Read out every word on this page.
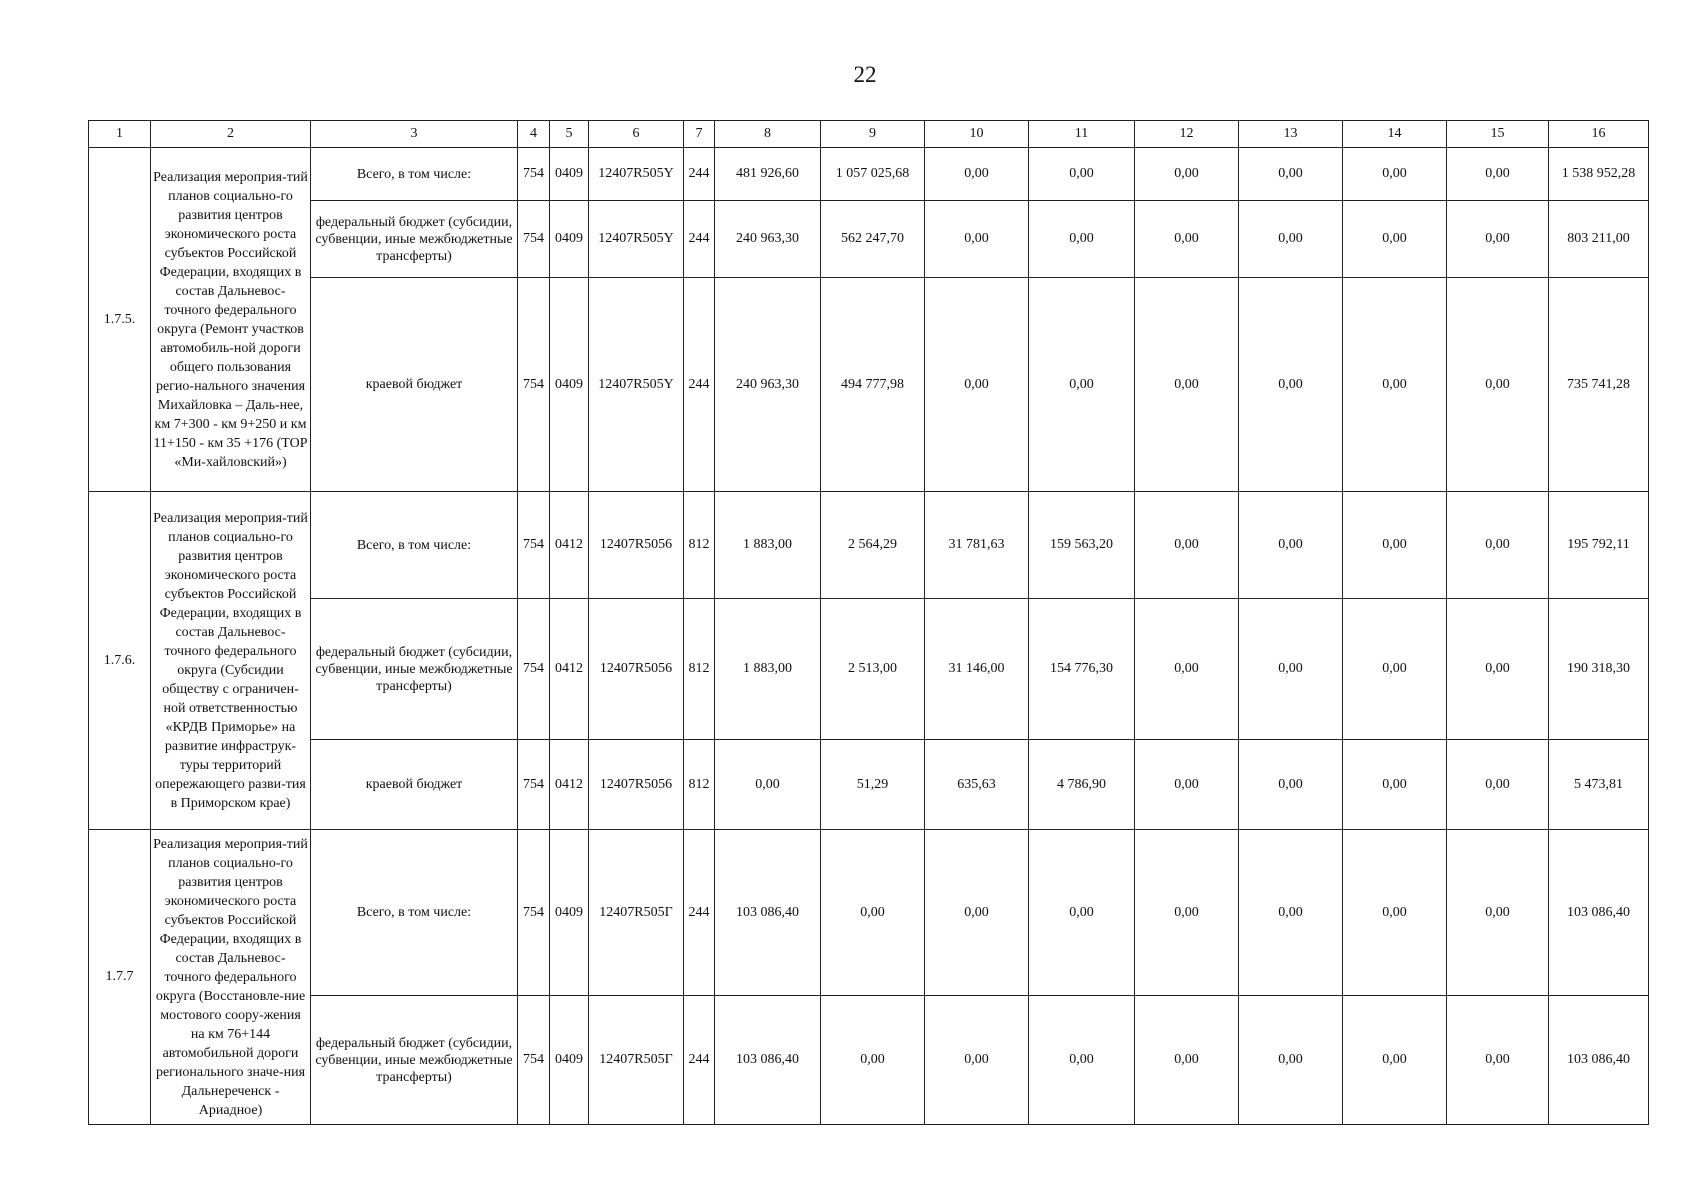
22
1	2	3	4	5	6	7	8	9	10	11	12	13	14	15	16
1.7.5.	Реализация мероприя-тий планов социально-го развития центров экономического роста субъектов Российской Федерации, входящих в состав Дальневос-точного федерального округа (Ремонт участков автомобиль-ной дороги общего пользования регио-нального значения Михайловка – Даль-нее, км 7+300 - км 9+250 и км 11+150 - км 35 +176 (ТОР «Ми-хайловский»)	Всего, в том числе:	754	0409	12407R505Y	244	481 926,60	1 057 025,68	0,00	0,00	0,00	0,00	0,00	0,00	1 538 952,28
		федеральный бюджет (субсидии, субвенции, иные межбюджетные трансферты)	754	0409	12407R505Y	244	240 963,30	562 247,70	0,00	0,00	0,00	0,00	0,00	0,00	803 211,00
		краевой бюджет	754	0409	12407R505Y	244	240 963,30	494 777,98	0,00	0,00	0,00	0,00	0,00	0,00	735 741,28
1.7.6.	Реализация мероприя-тий планов социально-го развития центров экономического роста субъектов Российской Федерации, входящих в состав Дальневос-точного федерального округа (Субсидии обществу с ограничен-ной ответственностью «КРДВ Приморье» на развитие инфраструк-туры территорий опережающего разви-тия в Приморском крае)	Всего, в том числе:	754	0412	12407R5056	812	1 883,00	2 564,29	31 781,63	159 563,20	0,00	0,00	0,00	0,00	195 792,11
		федеральный бюджет (субсидии, субвенции, иные межбюджетные трансферты)	754	0412	12407R5056	812	1 883,00	2 513,00	31 146,00	154 776,30	0,00	0,00	0,00	0,00	190 318,30
		краевой бюджет	754	0412	12407R5056	812	0,00	51,29	635,63	4 786,90	0,00	0,00	0,00	0,00	5 473,81
1.7.7	Реализация мероприя-тий планов социально-го развития центров экономического роста субъектов Российской Федерации, входящих в состав Дальневос-точного федерального округа (Восстановле-ние мостового соору-жения на км 76+144 автомобильной дороги регионального значе-ния Дальнереченск - Ариадное)	Всего, в том числе:	754	0409	12407R505Г	244	103 086,40	0,00	0,00	0,00	0,00	0,00	0,00	0,00	103 086,40
		федеральный бюджет (субсидии, субвенции, иные межбюджетные трансферты)	754	0409	12407R505Г	244	103 086,40	0,00	0,00	0,00	0,00	0,00	0,00	0,00	103 086,40
